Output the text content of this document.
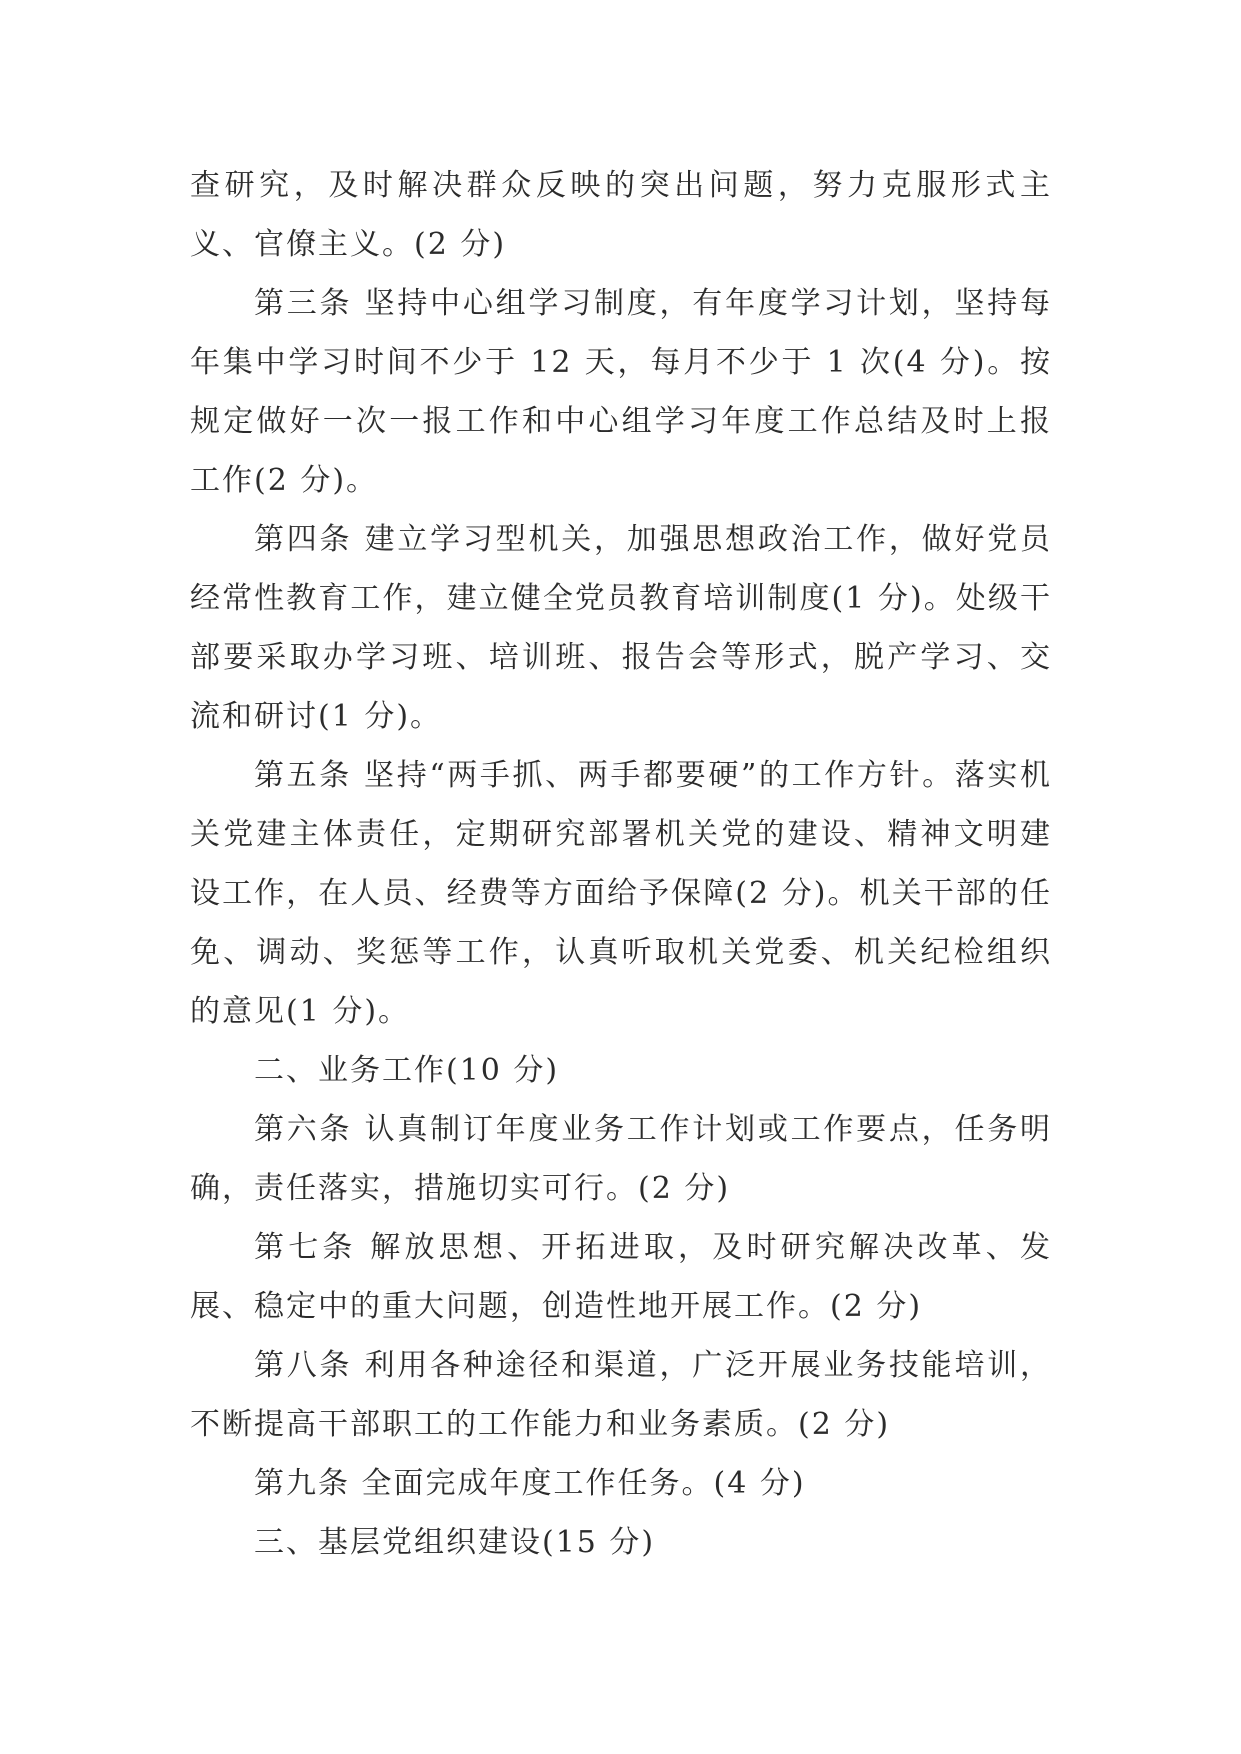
查研究，及时解决群众反映的突出问题，努力克服形式主义、官僚主义。(2 分)

第三条 坚持中心组学习制度，有年度学习计划，坚持每年集中学习时间不少于 12 天，每月不少于 1 次(4 分)。按规定做好一次一报工作和中心组学习年度工作总结及时上报工作(2 分)。

第四条 建立学习型机关，加强思想政治工作，做好党员经常性教育工作，建立健全党员教育培训制度(1 分)。处级干部要采取办学习班、培训班、报告会等形式，脱产学习、交流和研讨(1 分)。

第五条 坚持“两手抓、两手都要硬”的工作方针。落实机关党建主体责任，定期研究部署机关党的建设、精神文明建设工作，在人员、经费等方面给予保障(2 分)。机关干部的任免、调动、奖惩等工作，认真听取机关党委、机关纪检组织的意见(1 分)。

二、业务工作(10 分)

第六条 认真制订年度业务工作计划或工作要点，任务明确，责任落实，措施切实可行。(2 分)

第七条 解放思想、开拓进取，及时研究解决改革、发展、稳定中的重大问题，创造性地开展工作。(2 分)

第八条 利用各种途径和渠道，广泛开展业务技能培训，不断提高干部职工的工作能力和业务素质。(2 分)

第九条 全面完成年度工作任务。(4 分)

三、基层党组织建设(15 分)
